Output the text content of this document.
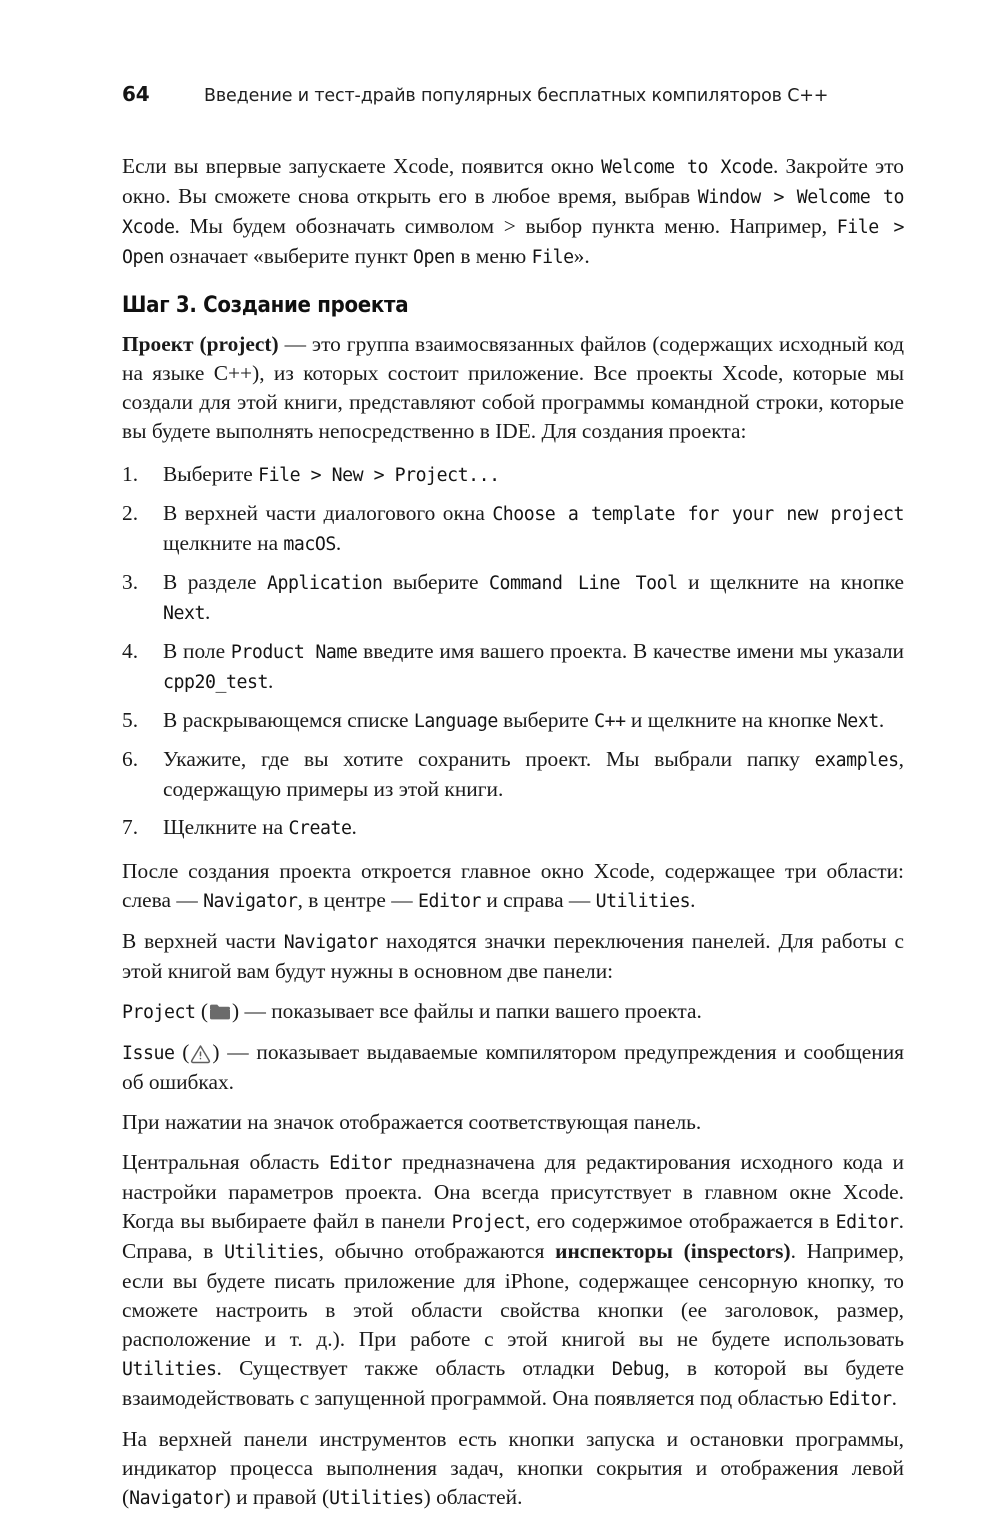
64	Введение и тест-драйв популярных бесплатных компиляторов C++

Если вы впервые запускаете Xcode, появится окно Welcome to Xcode. Закройте это окно. Вы сможете снова открыть его в любое время, выбрав Window > Welcome to Xcode. Мы будем обозначать символом > выбор пункта меню. Например, File > Open означает «выберите пункт Open в меню File».

Шаг 3. Создание проекта

Проект (project) — это группа взаимосвязанных файлов (содержащих исходный код на языке C++), из которых состоит приложение. Все проекты Xcode, которые мы создали для этой книги, представляют собой программы командной строки, которые вы будете выполнять непосредственно в IDE. Для создания проекта:

1.	Выберите File > New > Project...
2.	В верхней части диалогового окна Choose a template for your new project щелкните на macOS.
3.	В разделе Application выберите Command Line Tool и щелкните на кнопке Next.
4.	В поле Product Name введите имя вашего проекта. В качестве имени мы указали cpp20_test.
5.	В раскрывающемся списке Language выберите C++ и щелкните на кнопке Next.
6.	Укажите, где вы хотите сохранить проект. Мы выбрали папку examples, содержащую примеры из этой книги.
7.	Щелкните на Create.

После создания проекта откроется главное окно Xcode, содержащее три области: слева — Navigator, в центре — Editor и справа — Utilities.

В верхней части Navigator находятся значки переключения панелей. Для работы с этой книгой вам будут нужны в основном две панели:

Project ( ) — показывает все файлы и папки вашего проекта.

Issue ( ) — показывает выдаваемые компилятором предупреждения и сообщения об ошибках.

При нажатии на значок отображается соответствующая панель.

Центральная область Editor предназначена для редактирования исходного кода и настройки параметров проекта. Она всегда присутствует в главном окне Xcode. Когда вы выбираете файл в панели Project, его содержимое отображается в Editor. Справа, в Utilities, обычно отображаются инспекторы (inspectors). Например, если вы будете писать приложение для iPhone, содержащее сенсорную кнопку, то сможете настроить в этой области свойства кнопки (ее заголовок, размер, расположение и т. д.). При работе с этой книгой вы не будете использовать Utilities. Существует также область отладки Debug, в которой вы будете взаимодействовать с запущенной программой. Она появляется под областью Editor.

На верхней панели инструментов есть кнопки запуска и остановки программы, индикатор процесса выполнения задач, кнопки сокрытия и отображения левой (Navigator) и правой (Utilities) областей.
